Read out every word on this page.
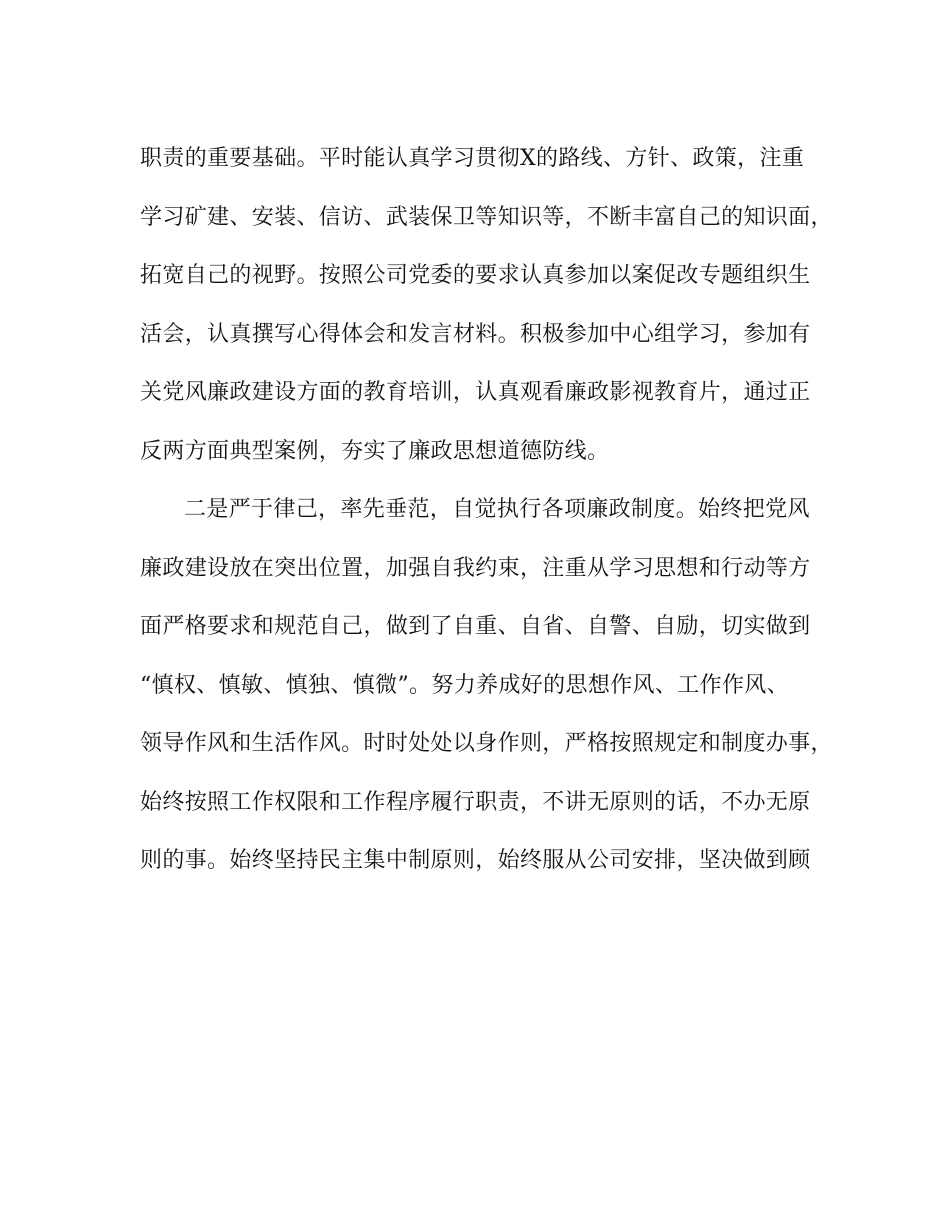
职责的重要基础。平时能认真学习贯彻X的路线、方针、政策，注重
学习矿建、安装、信访、武装保卫等知识等，不断丰富自己的知识面，
拓宽自己的视野。按照公司党委的要求认真参加以案促改专题组织生
活会，认真撰写心得体会和发言材料。积极参加中心组学习，参加有
关党风廉政建设方面的教育培训，认真观看廉政影视教育片，通过正
反两方面典型案例，夯实了廉政思想道德防线。
二是严于律己，率先垂范，自觉执行各项廉政制度。始终把党风
廉政建设放在突出位置，加强自我约束，注重从学习思想和行动等方
面严格要求和规范自己，做到了自重、自省、自警、自励，切实做到
“慎权、慎敏、慎独、慎微”。努力养成好的思想作风、工作作风、
领导作风和生活作风。时时处处以身作则，严格按照规定和制度办事，
始终按照工作权限和工作程序履行职责，不讲无原则的话，不办无原
则的事。始终坚持民主集中制原则，始终服从公司安排，坚决做到顾
